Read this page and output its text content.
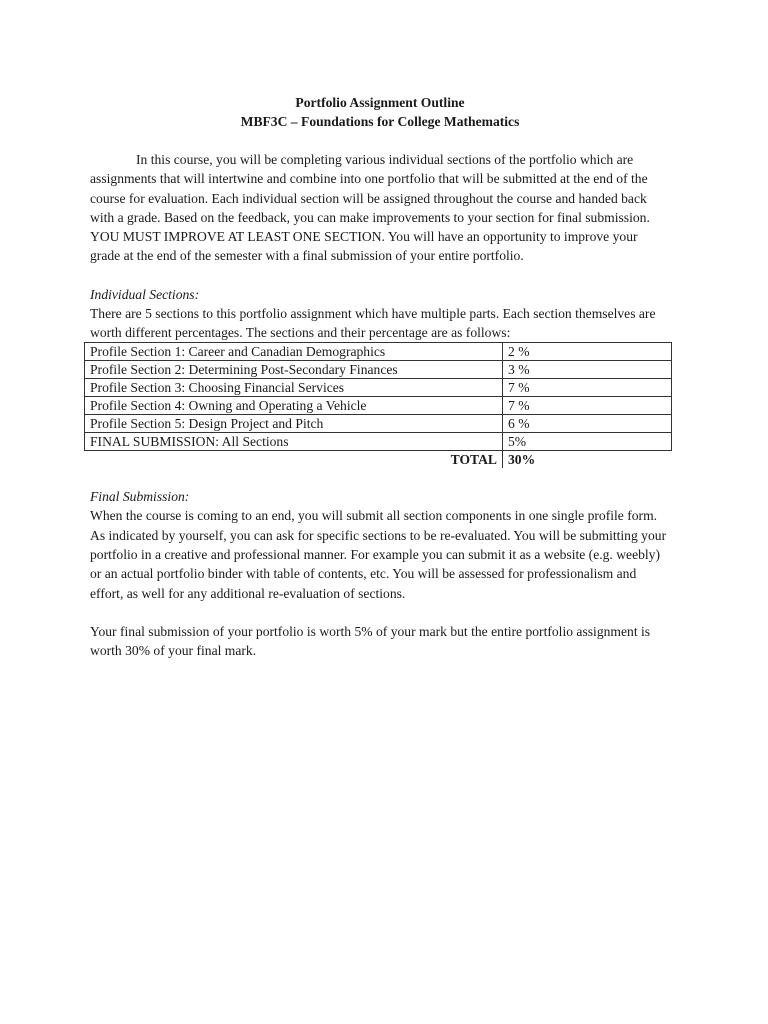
Portfolio Assignment Outline
MBF3C – Foundations for College Mathematics

In this course, you will be completing various individual sections of the portfolio which are assignments that will intertwine and combine into one portfolio that will be submitted at the end of the course for evaluation. Each individual section will be assigned throughout the course and handed back with a grade. Based on the feedback, you can make improvements to your section for final submission. YOU MUST IMPROVE AT LEAST ONE SECTION. You will have an opportunity to improve your grade at the end of the semester with a final submission of your entire portfolio.

Individual Sections:

There are 5 sections to this portfolio assignment which have multiple parts. Each section themselves are worth different percentages. The sections and their percentage are as follows:

Profile Section 1: Career and Canadian Demographics	2 %
Profile Section 2: Determining Post-Secondary Finances	3 %
Profile Section 3: Choosing Financial Services	7 %
Profile Section 4: Owning and Operating a Vehicle	7 %
Profile Section 5: Design Project and Pitch	6 %
FINAL SUBMISSION: All Sections	5%
TOTAL	30%

Final Submission:

When the course is coming to an end, you will submit all section components in one single profile form. As indicated by yourself, you can ask for specific sections to be re-evaluated. You will be submitting your portfolio in a creative and professional manner. For example you can submit it as a website (e.g. weebly) or an actual portfolio binder with table of contents, etc. You will be assessed for professionalism and effort, as well for any additional re-evaluation of sections.

Your final submission of your portfolio is worth 5% of your mark but the entire portfolio assignment is worth 30% of your final mark.
